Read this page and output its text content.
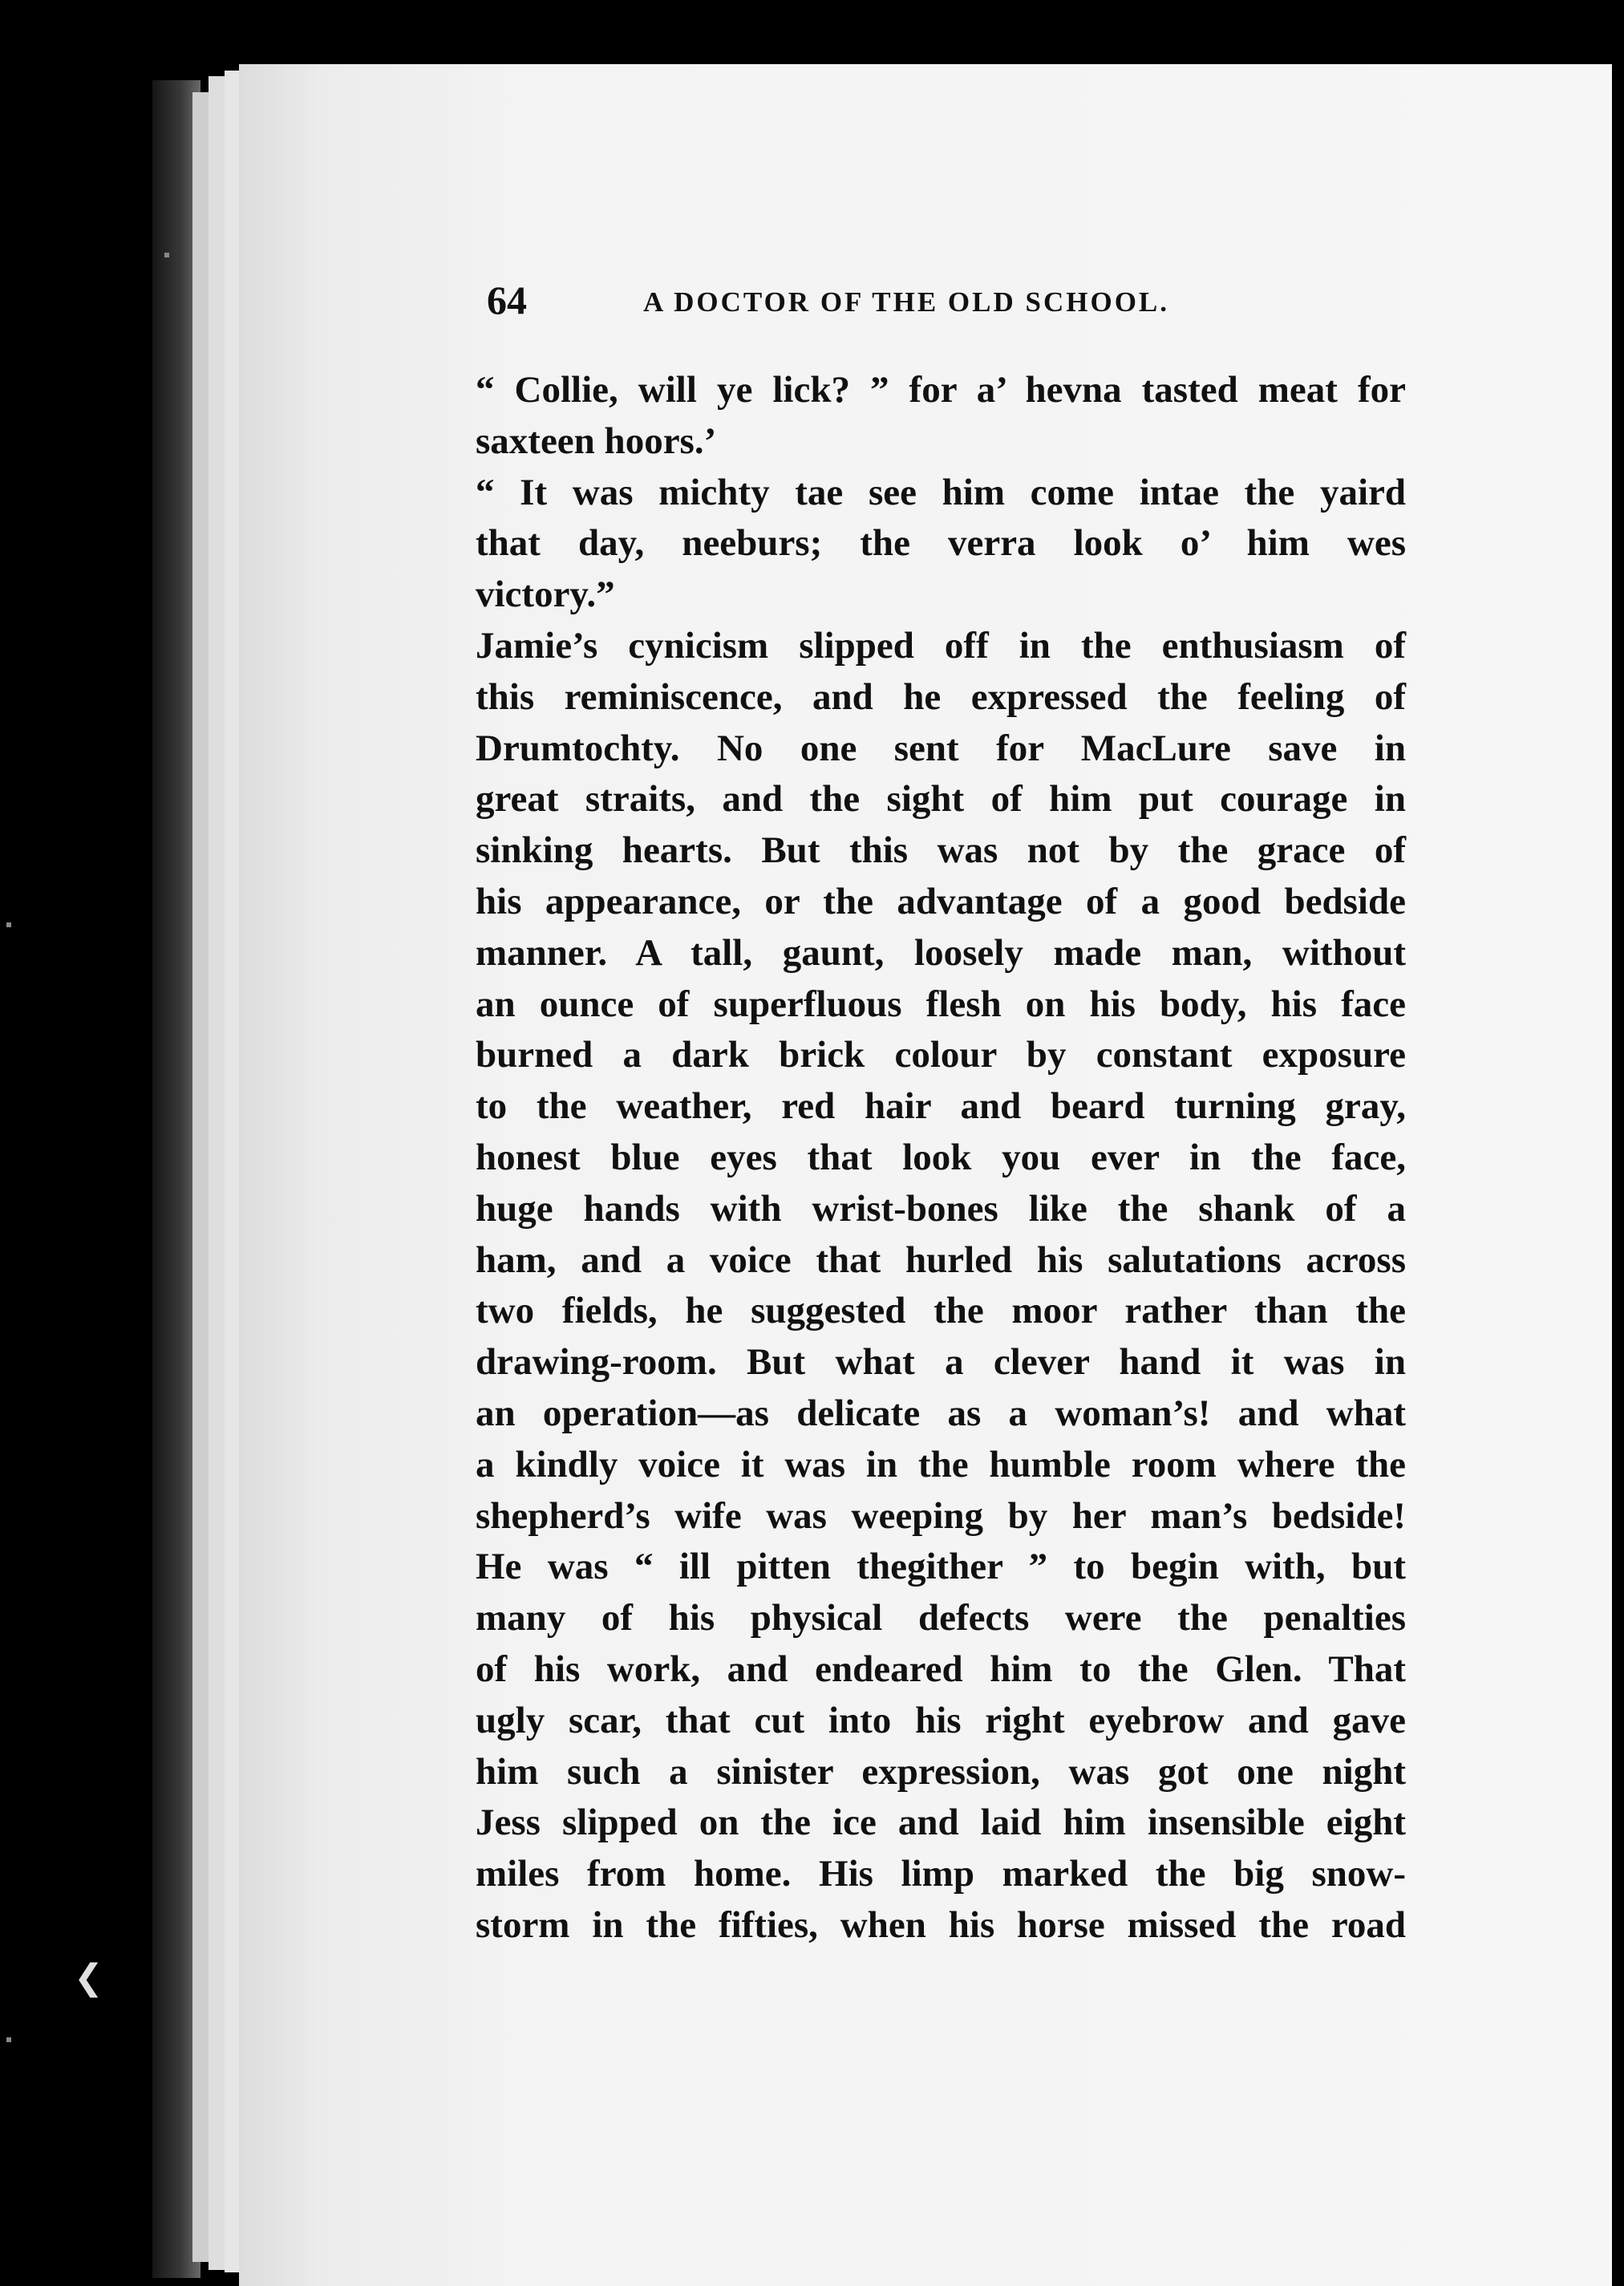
64	A DOCTOR OF THE OLD SCHOOL.
“ Collie, will ye lick? ” for a’ hevna tasted meat for
saxteen hoors.’
“ It was michty tae see him come intae the yaird
that day, neeburs; the verra look o’ him wes
victory.”
Jamie’s cynicism slipped off in the enthusiasm of
this reminiscence, and he expressed the feeling of
Drumtochty. No one sent for MacLure save in
great straits, and the sight of him put courage in
sinking hearts. But this was not by the grace of
his appearance, or the advantage of a good bedside
manner. A tall, gaunt, loosely made man, without
an ounce of superfluous flesh on his body, his face
burned a dark brick colour by constant exposure
to the weather, red hair and beard turning gray,
honest blue eyes that look you ever in the face,
huge hands with wrist-bones like the shank of a
ham, and a voice that hurled his salutations across
two fields, he suggested the moor rather than the
drawing-room. But what a clever hand it was in
an operation—as delicate as a woman’s! and what
a kindly voice it was in the humble room where the
shepherd’s wife was weeping by her man’s bedside!
He was “ ill pitten thegither ” to begin with, but
many of his physical defects were the penalties
of his work, and endeared him to the Glen. That
ugly scar, that cut into his right eyebrow and gave
him such a sinister expression, was got one night
Jess slipped on the ice and laid him insensible eight
miles from home. His limp marked the big snow-
storm in the fifties, when his horse missed the road
❮
